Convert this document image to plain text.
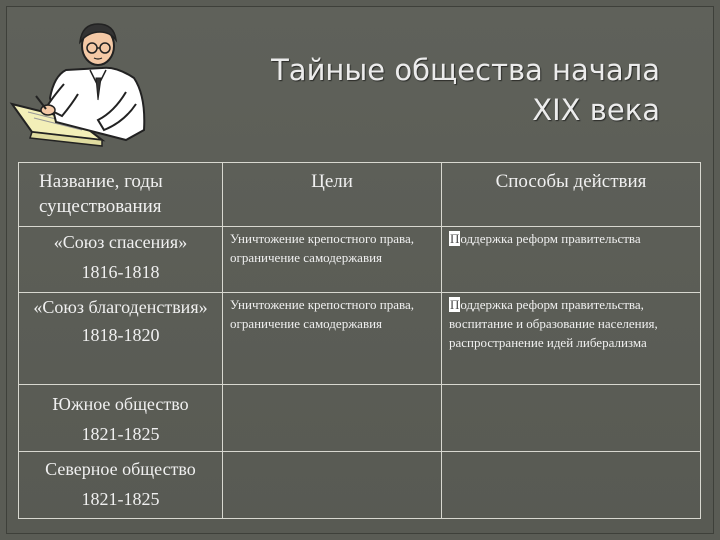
Тайные общества начала
XIX века
Название, годы существования	Цели	Способы действия

«Союз спасения»
1816-1818	Уничтожение крепостного права, ограничение самодержавия	Поддержка реформ правительства

«Союз благоденствия»
1818-1820	Уничтожение крепостного права, ограничение самодержавия	Поддержка реформ правительства, воспитание и образование населения, распространение идей либерализма

Южное общество
1821-1825		

Северное общество
1821-1825		
